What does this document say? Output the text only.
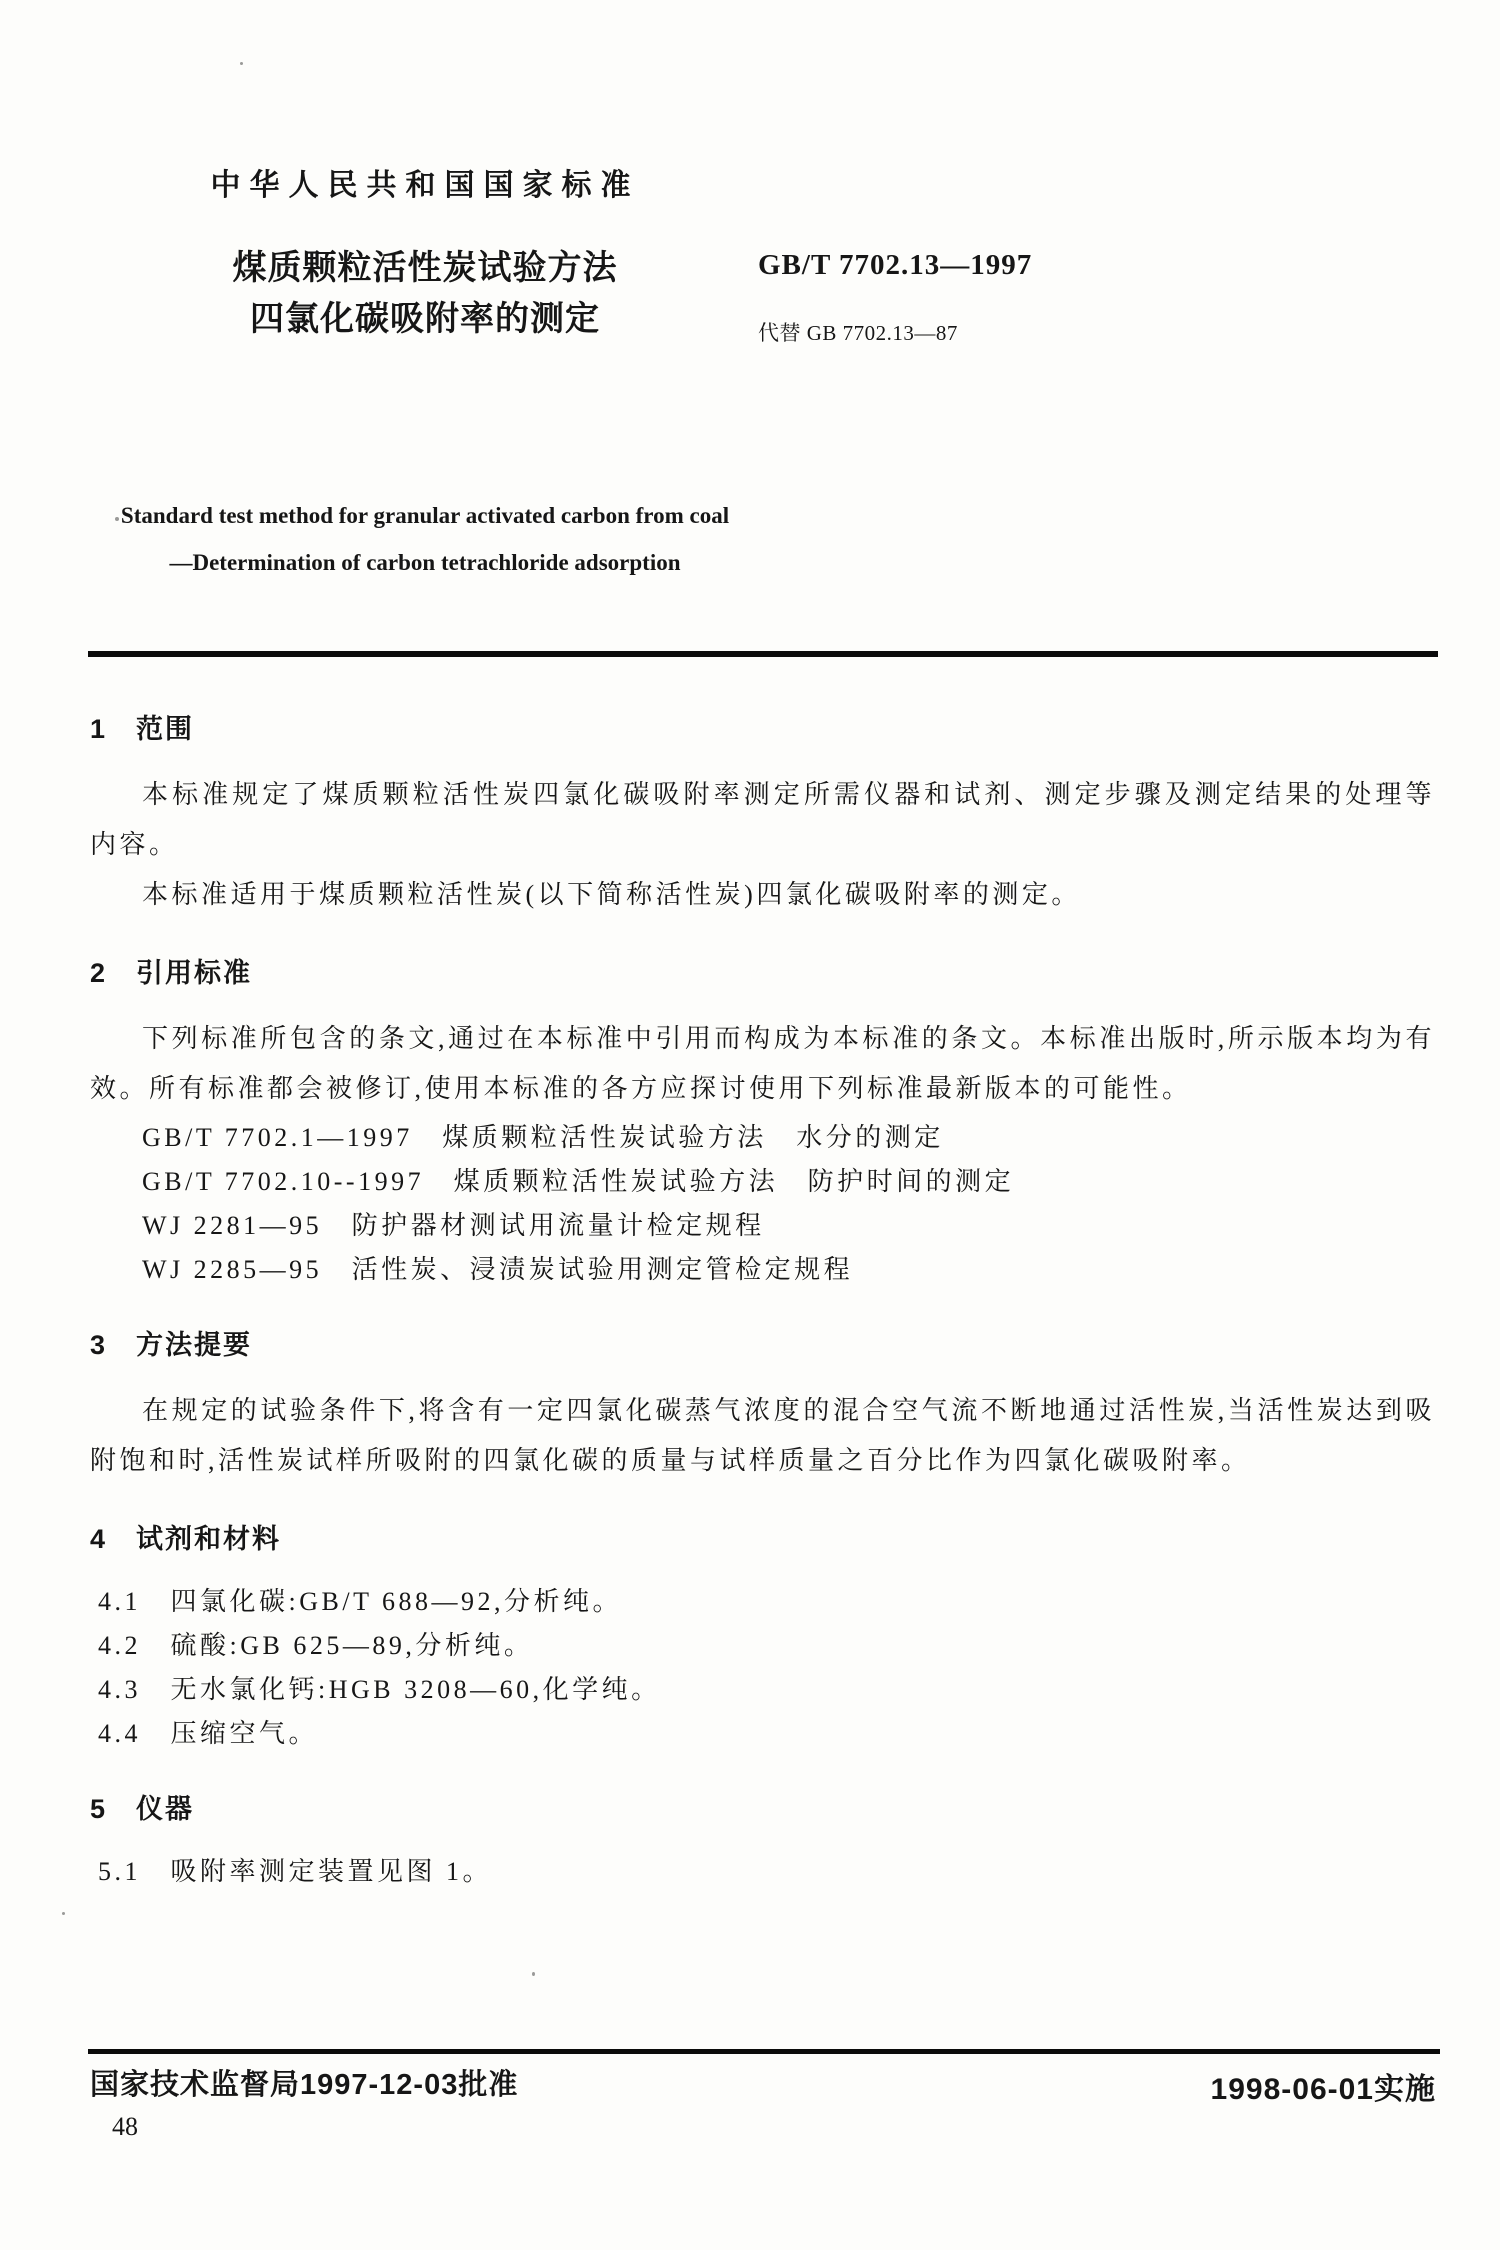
中华人民共和国国家标准
煤质颗粒活性炭试验方法
四氯化碳吸附率的测定
GB/T 7702.13—1997
代替 GB 7702.13—87
Standard test method for granular activated carbon from coal
—Determination of carbon tetrachloride adsorption
1　范围

本标准规定了煤质颗粒活性炭四氯化碳吸附率测定所需仪器和试剂、测定步骤及测定结果的处理等内容。

本标准适用于煤质颗粒活性炭(以下简称活性炭)四氯化碳吸附率的测定。

2　引用标准

下列标准所包含的条文,通过在本标准中引用而构成为本标准的条文。本标准出版时,所示版本均为有效。所有标准都会被修订,使用本标准的各方应探讨使用下列标准最新版本的可能性。

GB/T 7702.1—1997　煤质颗粒活性炭试验方法　水分的测定

GB/T 7702.10--1997　煤质颗粒活性炭试验方法　防护时间的测定

WJ 2281—95　防护器材测试用流量计检定规程

WJ 2285—95　活性炭、浸渍炭试验用测定管检定规程

3　方法提要

在规定的试验条件下,将含有一定四氯化碳蒸气浓度的混合空气流不断地通过活性炭,当活性炭达到吸附饱和时,活性炭试样所吸附的四氯化碳的质量与试样质量之百分比作为四氯化碳吸附率。

4　试剂和材料

4.1　四氯化碳:GB/T 688—92,分析纯。

4.2　硫酸:GB 625—89,分析纯。

4.3　无水氯化钙:HGB 3208—60,化学纯。

4.4　压缩空气。

5　仪器

5.1　吸附率测定装置见图 1。

国家技术监督局1997-12-03批准	1998-06-01实施
48
